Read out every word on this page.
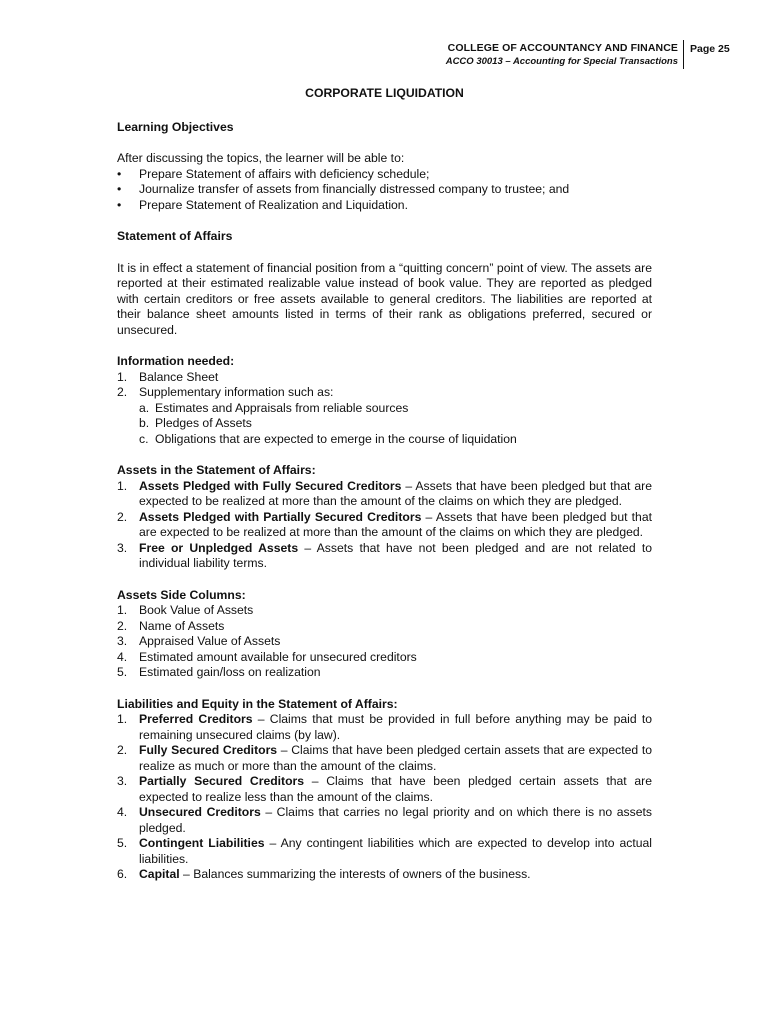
COLLEGE OF ACCOUNTANCY AND FINANCE
ACCO 30013 – Accounting for Special Transactions
Page 25
CORPORATE LIQUIDATION
Learning Objectives

After discussing the topics, the learner will be able to:

• Prepare Statement of affairs with deficiency schedule;
• Journalize transfer of assets from financially distressed company to trustee; and
• Prepare Statement of Realization and Liquidation.
Statement of Affairs

It is in effect a statement of financial position from a “quitting concern” point of view. The assets are reported at their estimated realizable value instead of book value. They are reported as pledged with certain creditors or free assets available to general creditors. The liabilities are reported at their balance sheet amounts listed in terms of their rank as obligations preferred, secured or unsecured.

Information needed:
1. Balance Sheet
2. Supplementary information such as:
a. Estimates and Appraisals from reliable sources
b. Pledges of Assets
c. Obligations that are expected to emerge in the course of liquidation
Assets in the Statement of Affairs:
1. Assets Pledged with Fully Secured Creditors – Assets that have been pledged but that are expected to be realized at more than the amount of the claims on which they are pledged.
2. Assets Pledged with Partially Secured Creditors – Assets that have been pledged but that are expected to be realized at more than the amount of the claims on which they are pledged.
3. Free or Unpledged Assets – Assets that have not been pledged and are not related to individual liability terms.
Assets Side Columns:
1. Book Value of Assets
2. Name of Assets
3. Appraised Value of Assets
4. Estimated amount available for unsecured creditors
5. Estimated gain/loss on realization
Liabilities and Equity in the Statement of Affairs:
1. Preferred Creditors – Claims that must be provided in full before anything may be paid to remaining unsecured claims (by law).
2. Fully Secured Creditors – Claims that have been pledged certain assets that are expected to realize as much or more than the amount of the claims.
3. Partially Secured Creditors – Claims that have been pledged certain assets that are expected to realize less than the amount of the claims.
4. Unsecured Creditors – Claims that carries no legal priority and on which there is no assets pledged.
5. Contingent Liabilities – Any contingent liabilities which are expected to develop into actual liabilities.
6. Capital – Balances summarizing the interests of owners of the business.
